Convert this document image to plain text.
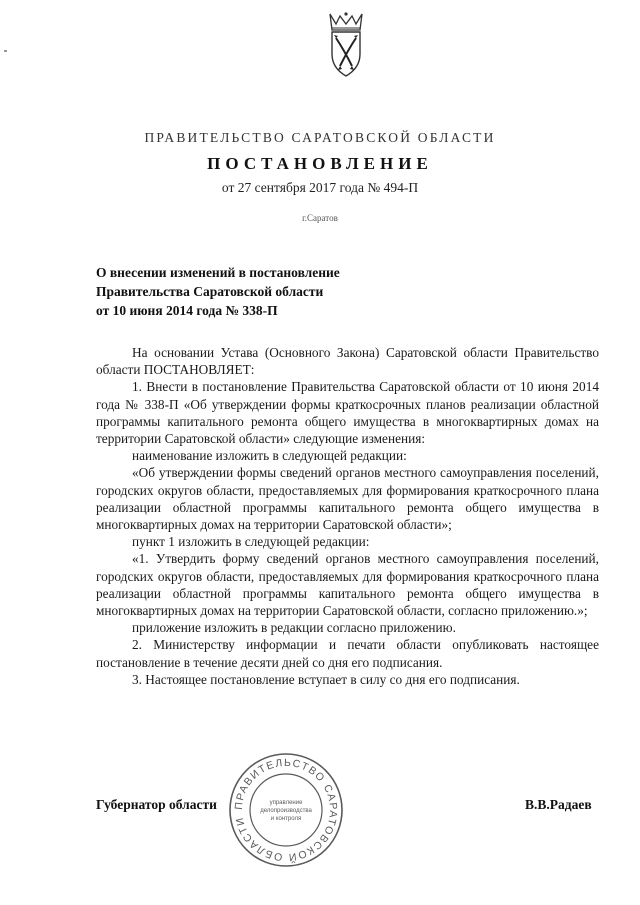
ПРАВИТЕЛЬСТВО САРАТОВСКОЙ ОБЛАСТИ
ПОСТАНОВЛЕНИЕ
от 27 сентября 2017 года № 494-П
г.Саратов
О внесении изменений в постановление
Правительства Саратовской области
от 10 июня 2014 года № 338-П

На основании Устава (Основного Закона) Саратовской области Правительство области ПОСТАНОВЛЯЕТ:

1. Внести в постановление Правительства Саратовской области от 10 июня 2014 года № 338-П «Об утверждении формы краткосрочных планов реализации областной программы капитального ремонта общего имущества в многоквартирных домах на территории Саратовской области» следующие изменения:

наименование изложить в следующей редакции:

«Об утверждении формы сведений органов местного самоуправления поселений, городских округов области, предоставляемых для формирования краткосрочного плана реализации областной программы капитального ремонта общего имущества в многоквартирных домах на территории Саратовской области»;

пункт 1 изложить в следующей редакции:

«1. Утвердить форму сведений органов местного самоуправления поселений, городских округов области, предоставляемых для формирования краткосрочного плана реализации областной программы капитального ремонта общего имущества в многоквартирных домах на территории Саратовской области, согласно приложению.»;

приложение изложить в редакции согласно приложению.

2. Министерству информации и печати области опубликовать настоящее постановление в течение десяти дней со дня его подписания.

3. Настоящее постановление вступает в силу со дня его подписания.

Губернатор области	В.В.Радаев
ПРАВИТЕЛЬСТВО САРАТОВСКОЙ ОБЛАСТИ
управление
делопроизводства
и контроля
